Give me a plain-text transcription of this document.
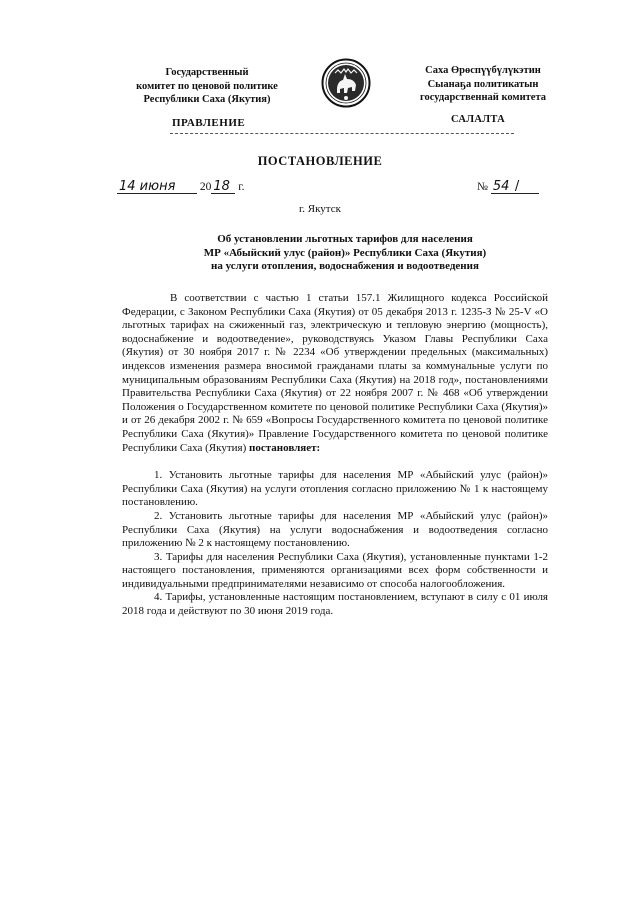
Государственный
комитет по ценовой политике
Республики Саха (Якутия)
Саха Өрөспүүбүлүкэтин
Сыанаҕа политикатын
государственнай комитета
ПРАВЛЕНИЕ	САЛАЛТА
ПОСТАНОВЛЕНИЕ
14 июня 20 18 г.	№ 54 /
г. Якутск
Об установлении льготных тарифов для населения
МР «Абыйский улус (район)» Республики Саха (Якутия)
на услуги отопления, водоснабжения и водоотведения

В соответствии с частью 1 статьи 157.1 Жилищного кодекса Российской Федерации, с Законом Республики Саха (Якутия) от 05 декабря 2013 г. 1235-З № 25-V «О льготных тарифах на сжиженный газ, электрическую и тепловую энергию (мощность), водоснабжение и водоотведение», руководствуясь Указом Главы Республики Саха (Якутия) от 30 ноября 2017 г. № 2234 «Об утверждении предельных (максимальных) индексов изменения размера вносимой гражданами платы за коммунальные услуги по муниципальным образованиям Республики Саха (Якутия) на 2018 год», постановлениями Правительства Республики Саха (Якутия) от 22 ноября 2007 г. № 468 «Об утверждении Положения о Государственном комитете по ценовой политике Республики Саха (Якутия)» и от 26 декабря 2002 г. № 659 «Вопросы Государственного комитета по ценовой политике Республики Саха (Якутия)» Правление Государственного комитета по ценовой политике Республики Саха (Якутия) постановляет:

1. Установить льготные тарифы для населения МР «Абыйский улус (район)» Республики Саха (Якутия) на услуги отопления согласно приложению № 1 к настоящему постановлению.

2. Установить льготные тарифы для населения МР «Абыйский улус (район)» Республики Саха (Якутия) на услуги водоснабжения и водоотведения согласно приложению № 2 к настоящему постановлению.

3. Тарифы для населения Республики Саха (Якутия), установленные пунктами 1-2 настоящего постановления, применяются организациями всех форм собственности и индивидуальными предпринимателями независимо от способа налогообложения.

4. Тарифы, установленные настоящим постановлением, вступают в силу с 01 июля 2018 года и действуют по 30 июня 2019 года.
